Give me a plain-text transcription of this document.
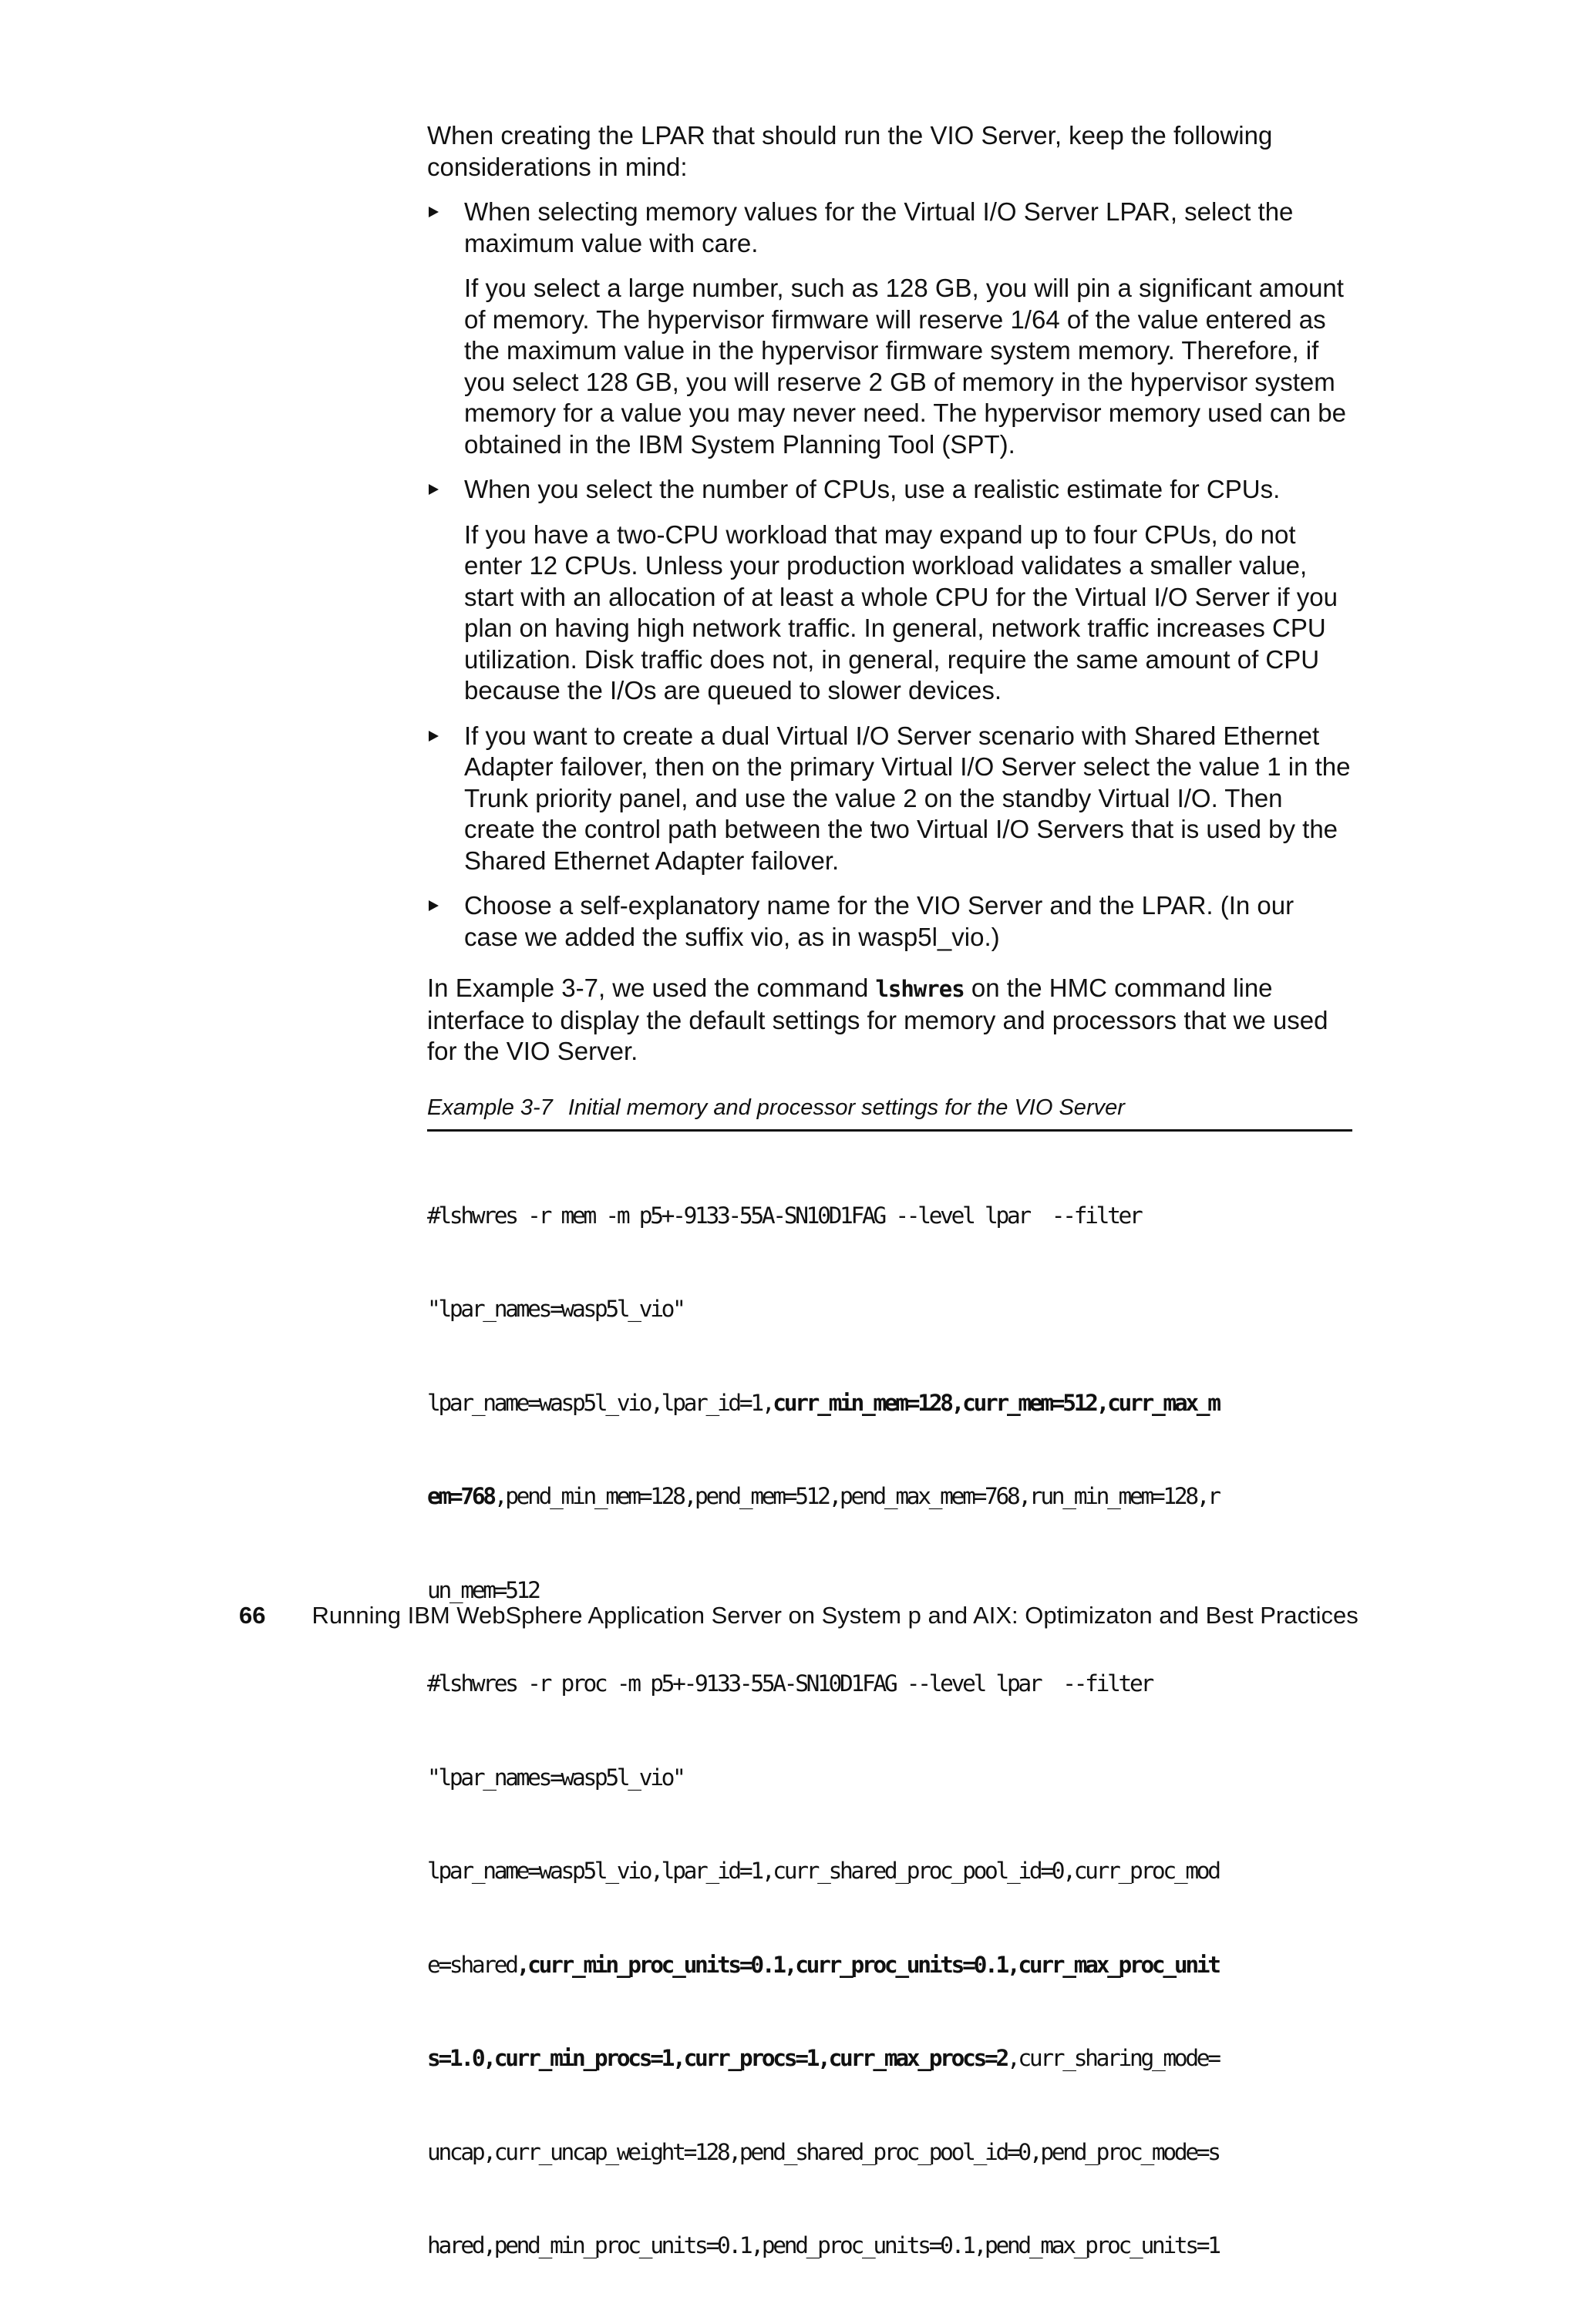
When creating the LPAR that should run the VIO Server, keep the following considerations in mind:

When selecting memory values for the Virtual I/O Server LPAR, select the maximum value with care.

If you select a large number, such as 128 GB, you will pin a significant amount of memory. The hypervisor firmware will reserve 1/64 of the value entered as the maximum value in the hypervisor firmware system memory. Therefore, if you select 128 GB, you will reserve 2 GB of memory in the hypervisor system memory for a value you may never need. The hypervisor memory used can be obtained in the IBM System Planning Tool (SPT).

When you select the number of CPUs, use a realistic estimate for CPUs.

If you have a two-CPU workload that may expand up to four CPUs, do not enter 12 CPUs. Unless your production workload validates a smaller value, start with an allocation of at least a whole CPU for the Virtual I/O Server if you plan on having high network traffic. In general, network traffic increases CPU utilization. Disk traffic does not, in general, require the same amount of CPU because the I/Os are queued to slower devices.

If you want to create a dual Virtual I/O Server scenario with Shared Ethernet Adapter failover, then on the primary Virtual I/O Server select the value 1 in the Trunk priority panel, and use the value 2 on the standby Virtual I/O. Then create the control path between the two Virtual I/O Servers that is used by the Shared Ethernet Adapter failover.

Choose a self-explanatory name for the VIO Server and the LPAR. (In our case we added the suffix vio, as in wasp5l_vio.)

In Example 3-7, we used the command lshwres on the HMC command line interface to display the default settings for memory and processors that we used for the VIO Server.

Example 3-7 Initial memory and processor settings for the VIO Server

#lshwres -r mem -m p5+-9133-55A-SN10D1FAG --level lpar  --filter

"lpar_names=wasp5l_vio"

lpar_name=wasp5l_vio,lpar_id=1,curr_min_mem=128,curr_mem=512,curr_max_m

em=768,pend_min_mem=128,pend_mem=512,pend_max_mem=768,run_min_mem=128,r

un_mem=512

#lshwres -r proc -m p5+-9133-55A-SN10D1FAG --level lpar  --filter

"lpar_names=wasp5l_vio"

lpar_name=wasp5l_vio,lpar_id=1,curr_shared_proc_pool_id=0,curr_proc_mod

e=shared,curr_min_proc_units=0.1,curr_proc_units=0.1,curr_max_proc_unit

s=1.0,curr_min_procs=1,curr_procs=1,curr_max_procs=2,curr_sharing_mode=

uncap,curr_uncap_weight=128,pend_shared_proc_pool_id=0,pend_proc_mode=s

hared,pend_min_proc_units=0.1,pend_proc_units=0.1,pend_max_proc_units=1

66 Running IBM WebSphere Application Server on System p and AIX: Optimizaton and Best Practices
